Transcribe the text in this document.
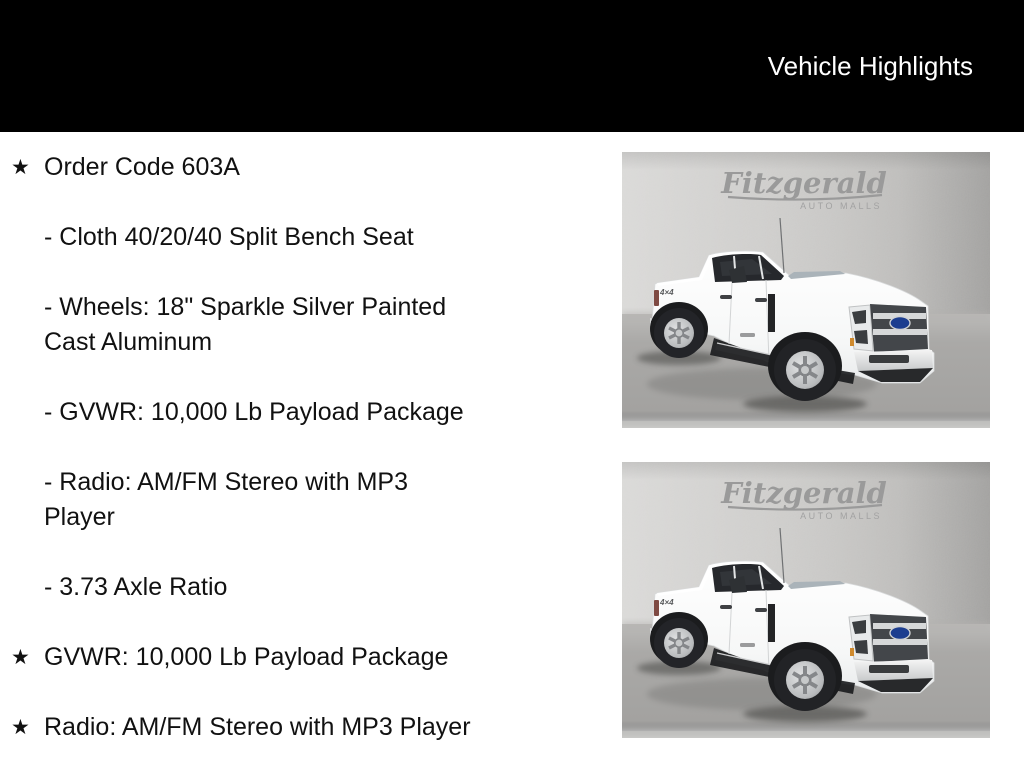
Vehicle Highlights
★ Order Code 603A
- Cloth 40/20/40 Split Bench Seat
- Wheels: 18" Sparkle Silver Painted
Cast Aluminum
- GVWR: 10,000 Lb Payload Package
- Radio: AM/FM Stereo with MP3
Player
- 3.73 Axle Ratio
★ GVWR: 10,000 Lb Payload Package
★ Radio: AM/FM Stereo with MP3 Player
Fitzgerald
AUTO MALLS
4×4
